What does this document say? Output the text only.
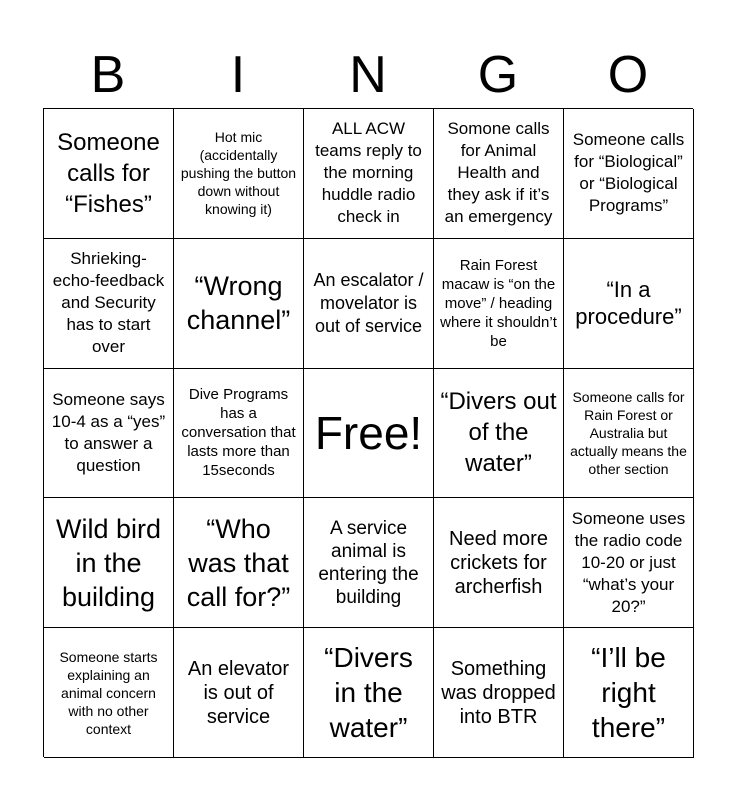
B	I	N	G	O
Someone calls for “Fishes”
Hot mic (accidentally pushing the button down without knowing it)
ALL ACW teams reply to the morning huddle radio check in
Somone calls for Animal Health and they ask if it’s an emergency
Someone calls for “Biological” or “Biological Programs”
Shrieking-echo-feedback and Security has to start over
“Wrong channel”
An escalator / movelator is out of service
Rain Forest macaw is “on the move” / heading where it shouldn’t be
“In a procedure”
Someone says 10-4 as a “yes” to answer a question
Dive Programs has a conversation that lasts more than 15seconds
Free!
“Divers out of the water”
Someone calls for Rain Forest or Australia but actually means the other section
Wild bird in the building
“Who was that call for?”
A service animal is entering the building
Need more crickets for archerfish
Someone uses the radio code 10-20 or just “what’s your 20?”
Someone starts explaining an animal concern with no other context
An elevator is out of service
“Divers in the water”
Something was dropped into BTR
“I’ll be right there”
